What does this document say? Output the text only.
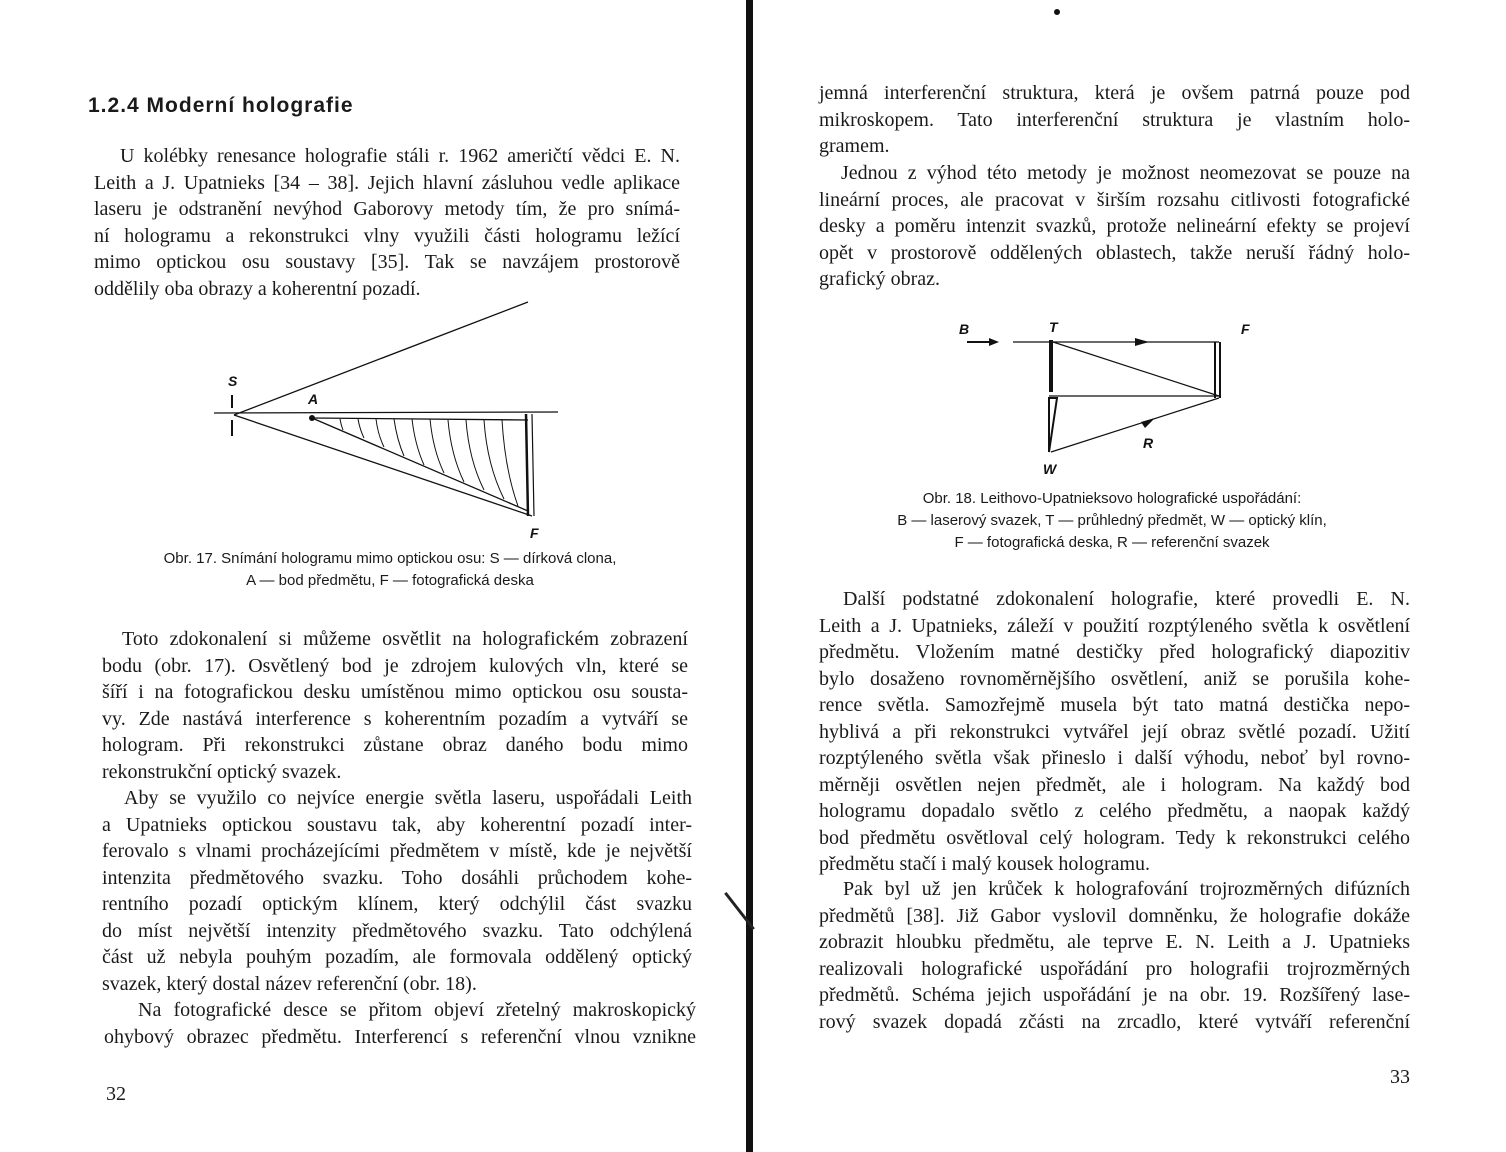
1.2.4 Moderní holografie
U kolébky renesance holografie stáli r. 1962 američtí vědci E. N.
Leith a J. Upatnieks [34 – 38]. Jejich hlavní zásluhou vedle aplikace
laseru je odstranění nevýhod Gaborovy metody tím, že pro snímá-
ní hologramu a rekonstrukci vlny využili části hologramu ležící
mimo optickou osu soustavy [35]. Tak se navzájem prostorově
oddělily oba obrazy a koherentní pozadí.
S
A
F
Obr. 17. Snímání hologramu mimo optickou osu: S — dírková clona,
A — bod předmětu, F — fotografická deska
Toto zdokonalení si můžeme osvětlit na holografickém zobrazení
bodu (obr. 17). Osvětlený bod je zdrojem kulových vln, které se
šíří i na fotografickou desku umístěnou mimo optickou osu sousta-
vy. Zde nastává interference s koherentním pozadím a vytváří se
hologram. Při rekonstrukci zůstane obraz daného bodu mimo
rekonstrukční optický svazek.
Aby se využilo co nejvíce energie světla laseru, uspořádali Leith
a Upatnieks optickou soustavu tak, aby koherentní pozadí inter-
ferovalo s vlnami procházejícími předmětem v místě, kde je největší
intenzita předmětového svazku. Toho dosáhli průchodem kohe-
rentního pozadí optickým klínem, který odchýlil část svazku
do míst největší intenzity předmětového svazku. Tato odchýlená
část už nebyla pouhým pozadím, ale formovala oddělený optický
svazek, který dostal název referenční (obr. 18).
Na fotografické desce se přitom objeví zřetelný makroskopický
ohybový obrazec předmětu. Interferencí s referenční vlnou vznikne
32
jemná interferenční struktura, která je ovšem patrná pouze pod
mikroskopem. Tato interferenční struktura je vlastním holo-
gramem.
Jednou z výhod této metody je možnost neomezovat se pouze na
lineární proces, ale pracovat v širším rozsahu citlivosti fotografické
desky a poměru intenzit svazků, protože nelineární efekty se projeví
opět v prostorově oddělených oblastech, takže neruší řádný holo-
grafický obraz.
B	T	F
R
W
Obr. 18. Leithovo-Upatnieksovo holografické uspořádání:
B — laserový svazek, T — průhledný předmět, W — optický klín,
F — fotografická deska, R — referenční svazek
Další podstatné zdokonalení holografie, které provedli E. N.
Leith a J. Upatnieks, záleží v použití rozptýleného světla k osvětlení
předmětu. Vložením matné destičky před holografický diapozitiv
bylo dosaženo rovnoměrnějšího osvětlení, aniž se porušila kohe-
rence světla. Samozřejmě musela být tato matná destička nepo-
hyblivá a při rekonstrukci vytvářel její obraz světlé pozadí. Užití
rozptýleného světla však přineslo i další výhodu, neboť byl rovno-
měrněji osvětlen nejen předmět, ale i hologram. Na každý bod
hologramu dopadalo světlo z celého předmětu, a naopak každý
bod předmětu osvětloval celý hologram. Tedy k rekonstrukci celého
předmětu stačí i malý kousek hologramu.
Pak byl už jen krůček k holografování trojrozměrných difúzních
předmětů [38]. Již Gabor vyslovil domněnku, že holografie dokáže
zobrazit hloubku předmětu, ale teprve E. N. Leith a J. Upatnieks
realizovali holografické uspořádání pro holografii trojrozměrných
předmětů. Schéma jejich uspořádání je na obr. 19. Rozšířený lase-
rový svazek dopadá zčásti na zrcadlo, které vytváří referenční
33
